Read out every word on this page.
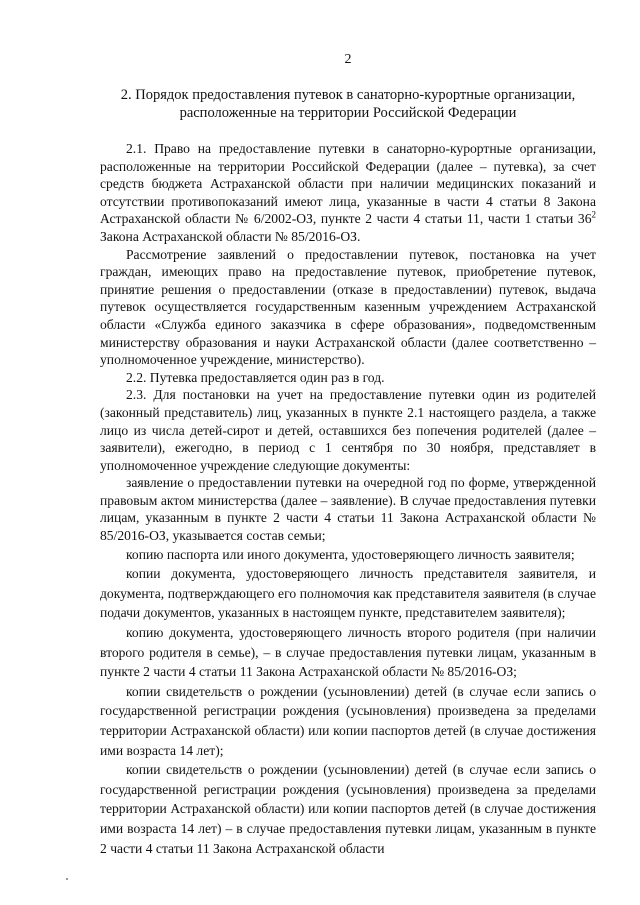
2
2. Порядок предоставления путевок в санаторно-курортные организации,
расположенные на территории Российской Федерации

2.1. Право на предоставление путевки в санаторно-курортные организации, расположенные на территории Российской Федерации (далее – путевка), за счет средств бюджета Астраханской области при наличии медицинских показаний и отсутствии противопоказаний имеют лица, указанные в части 4 статьи 8 Закона Астраханской области № 6/2002-ОЗ, пункте 2 части 4 статьи 11, части 1 статьи $36^2$ Закона Астраханской области № 85/2016-ОЗ.

Рассмотрение заявлений о предоставлении путевок, постановка на учет граждан, имеющих право на предоставление путевок, приобретение путевок, принятие решения о предоставлении (отказе в предоставлении) путевок, выдача путевок осуществляется государственным казенным учреждением Астраханской области «Служба единого заказчика в сфере образования», подведомственным министерству образования и науки Астраханской области (далее соответственно – уполномоченное учреждение, министерство).

2.2. Путевка предоставляется один раз в год.

2.3. Для постановки на учет на предоставление путевки один из родителей (законный представитель) лиц, указанных в пункте 2.1 настоящего раздела, а также лицо из числа детей-сирот и детей, оставшихся без попечения родителей (далее – заявители), ежегодно, в период с 1 сентября по 30 ноября, представляет в уполномоченное учреждение следующие документы:

заявление о предоставлении путевки на очередной год по форме, утвержденной правовым актом министерства (далее – заявление). В случае предоставления путевки лицам, указанным в пункте 2 части 4 статьи 11 Закона Астраханской области № 85/2016-ОЗ, указывается состав семьи;

копию паспорта или иного документа, удостоверяющего личность заявителя;

копии документа, удостоверяющего личность представителя заявителя, и документа, подтверждающего его полномочия как представителя заявителя (в случае подачи документов, указанных в настоящем пункте, представителем заявителя);

копию документа, удостоверяющего личность второго родителя (при наличии второго родителя в семье), – в случае предоставления путевки лицам, указанным в пункте 2 части 4 статьи 11 Закона Астраханской области № 85/2016-ОЗ;

копии свидетельств о рождении (усыновлении) детей (в случае если запись о государственной регистрации рождения (усыновления) произведена за пределами территории Астраханской области) или копии паспортов детей (в случае достижения ими возраста 14 лет);

копии свидетельств о рождении (усыновлении) детей (в случае если запись о государственной регистрации рождения (усыновления) произведена за пределами территории Астраханской области) или копии паспортов детей (в случае достижения ими возраста 14 лет) – в случае предоставления путевки лицам, указанным в пункте 2 части 4 статьи 11 Закона Астраханской области
